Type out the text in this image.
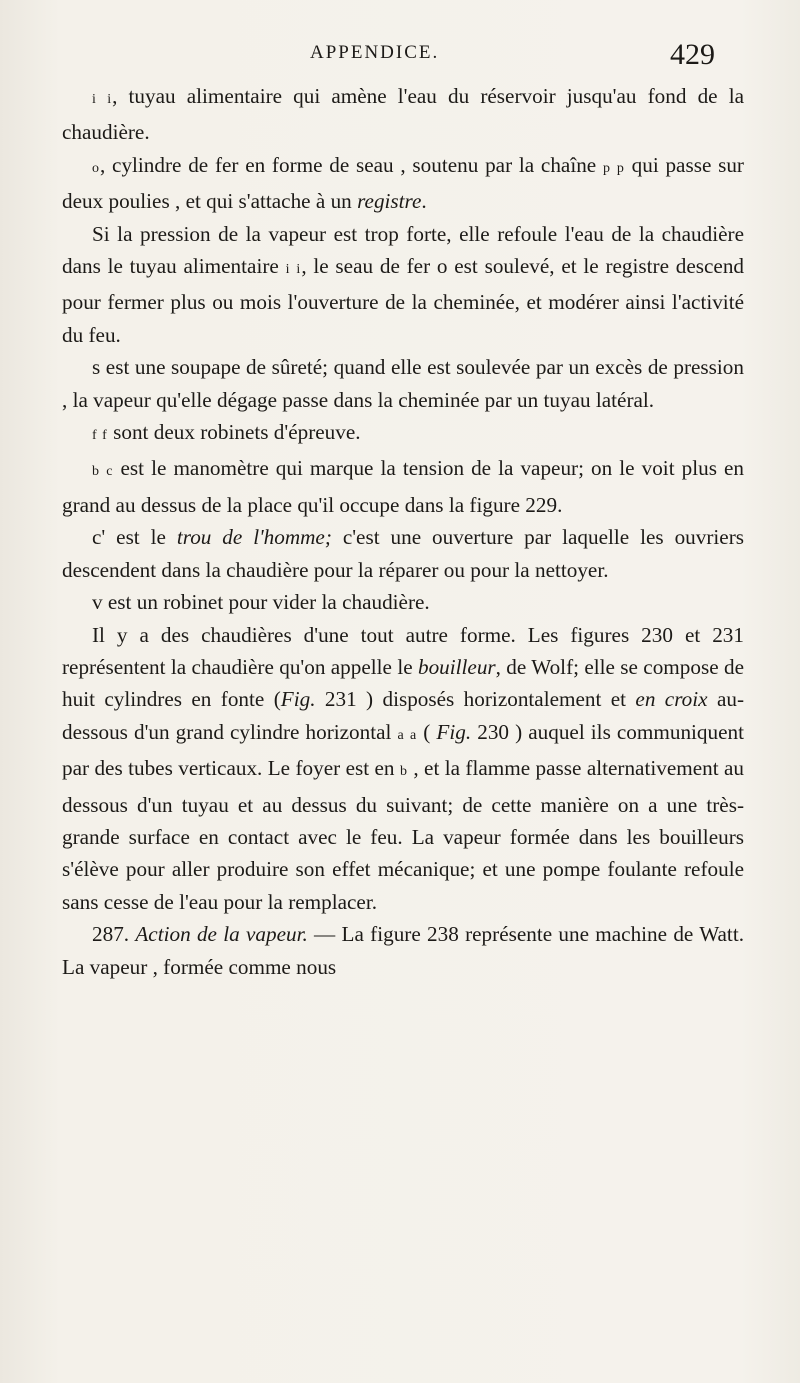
APPENDICE.	429

i i, tuyau alimentaire qui amène l'eau du réservoir jusqu'au fond de la chaudière.

o, cylindre de fer en forme de seau , soutenu par la chaîne p p qui passe sur deux poulies , et qui s'attache à un registre.

Si la pression de la vapeur est trop forte, elle refoule l'eau de la chaudière dans le tuyau alimentaire i i, le seau de fer o est soulevé, et le registre descend pour fermer plus ou mois l'ouverture de la cheminée, et modérer ainsi l'activité du feu.

s est une soupape de sûreté; quand elle est soulevée par un excès de pression , la vapeur qu'elle dégage passe dans la cheminée par un tuyau latéral.

f f sont deux robinets d'épreuve.

b c est le manomètre qui marque la tension de la vapeur; on le voit plus en grand au dessus de la place qu'il occupe dans la figure 229.

c' est le trou de l'homme; c'est une ouverture par laquelle les ouvriers descendent dans la chaudière pour la réparer ou pour la nettoyer.

v est un robinet pour vider la chaudière.

Il y a des chaudières d'une tout autre forme. Les figures 230 et 231 représentent la chaudière qu'on appelle le bouilleur, de Wolf; elle se compose de huit cylindres en fonte (Fig. 231 ) disposés horizontalement et en croix au-dessous d'un grand cylindre horizontal a a ( Fig. 230 ) auquel ils communiquent par des tubes verticaux. Le foyer est en b , et la flamme passe alternativement au dessous d'un tuyau et au dessus du suivant; de cette manière on a une très-grande surface en contact avec le feu. La vapeur formée dans les bouilleurs s'élève pour aller produire son effet mécanique; et une pompe foulante refoule sans cesse de l'eau pour la remplacer.

287. Action de la vapeur. — La figure 238 représente une machine de Watt. La vapeur , formée comme nous
